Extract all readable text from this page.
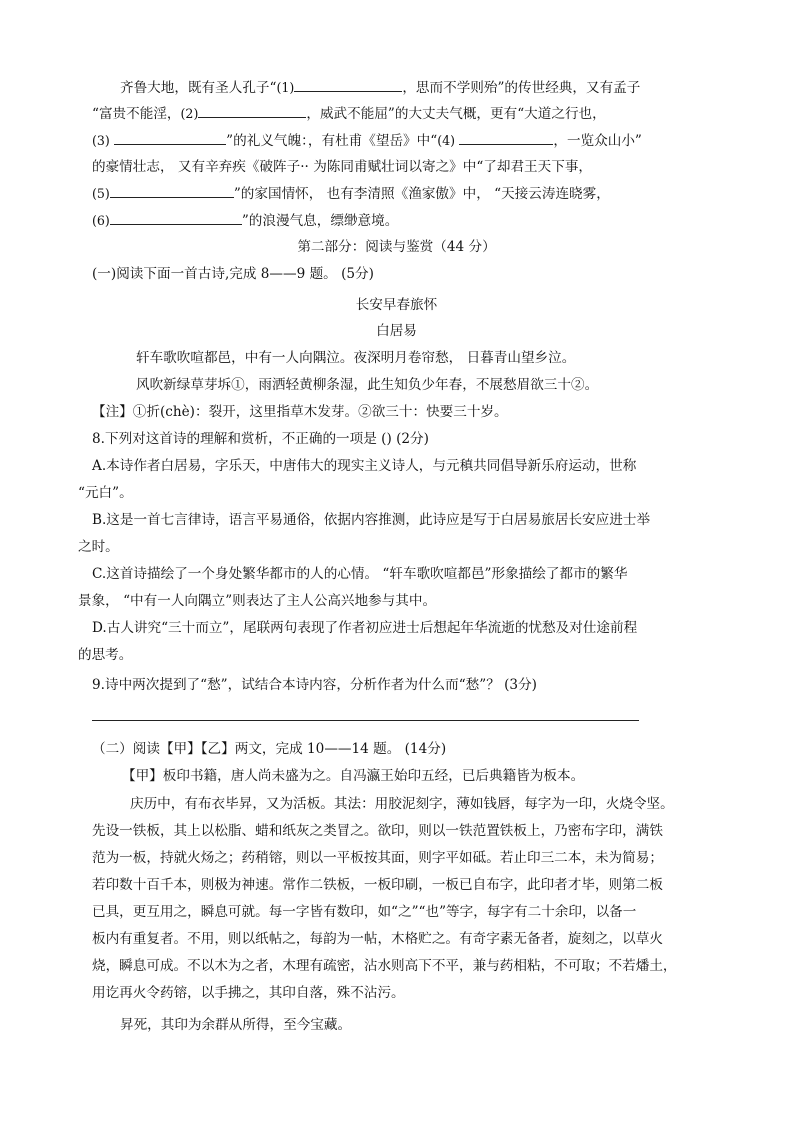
齐鲁大地，既有圣人孔子“(1)	，思而不学则殆”的传世经典，又有孟子
“富贵不能淫，(2)	，威武不能屈”的大丈夫气概，更有“大道之行也，
(3)	”的礼义气魄：，有杜甫《望岳》中“(4)	，一览众山小”
的豪情壮志， 又有辛弃疾《破阵子·· 为陈同甫赋壮词以寄之》中“了却君王天下事，
(5)	”的家国情怀， 也有李清照《渔家傲》中， “天接云涛连晓雾，
(6)	”的浪漫气息，缥缈意境。
第二部分：阅读与鉴赏（44 分）
(一)阅读下面一首古诗,完成 8——9 题。 (5分)
长安早春旅怀
白居易
轩车歌吹喧都邑，中有一人向隅泣。夜深明月卷帘愁， 日暮青山望乡泣。
风吹新绿草芽坼①，雨洒轻黄柳条湿，此生知负少年春，不展愁眉欲三十②。
【注】①折(chè)：裂开，这里指草木发芽。②欲三十：快要三十岁。
8.下列对这首诗的理解和赏析，不正确的一项是 () (2分)
A.本诗作者白居易，字乐天，中唐伟大的现实主义诗人，与元稹共同倡导新乐府运动，世称
“元白”。
B.这是一首七言律诗，语言平易通俗，依据内容推测，此诗应是写于白居易旅居长安应进士举
之时。
C.这首诗描绘了一个身处繁华都市的人的心情。 “轩车歌吹喧都邑”形象描绘了都市的繁华
景象， “中有一人向隅立”则表达了主人公高兴地参与其中。
D.古人讲究“三十而立”，尾联两句表现了作者初应进士后想起年华流逝的忧愁及对仕途前程
的思考。
9.诗中两次提到了“愁”，试结合本诗内容，分析作者为什么而“愁”？ (3分)
（二）阅读【甲】【乙】两文，完成 10——14 题。 (14分)
【甲】板印书籍，唐人尚未盛为之。自冯瀛王始印五经，已后典籍皆为板本。
庆历中，有布衣毕昇，又为活板。其法：用胶泥刻字，薄如钱唇，每字为一印，火烧令坚。
先设一铁板，其上以松脂、蜡和纸灰之类冒之。欲印，则以一铁范置铁板上，乃密布字印，满铁
范为一板，持就火炀之；药稍镕，则以一平板按其面，则字平如砥。若止印三二本，未为简易；
若印数十百千本，则极为神速。常作二铁板，一板印刷，一板已自布字，此印者才毕，则第二板
已具，更互用之，瞬息可就。每一字皆有数印，如“之”“也”等字，每字有二十余印，以备一
板内有重复者。不用，则以纸帖之，每韵为一帖，木格贮之。有奇字素无备者，旋刻之，以草火
烧，瞬息可成。不以木为之者，木理有疏密，沾水则高下不平，兼与药相粘，不可取；不若燔土，
用讫再火令药镕，以手拂之，其印自落，殊不沾污。
昇死，其印为余群从所得，至今宝藏。
